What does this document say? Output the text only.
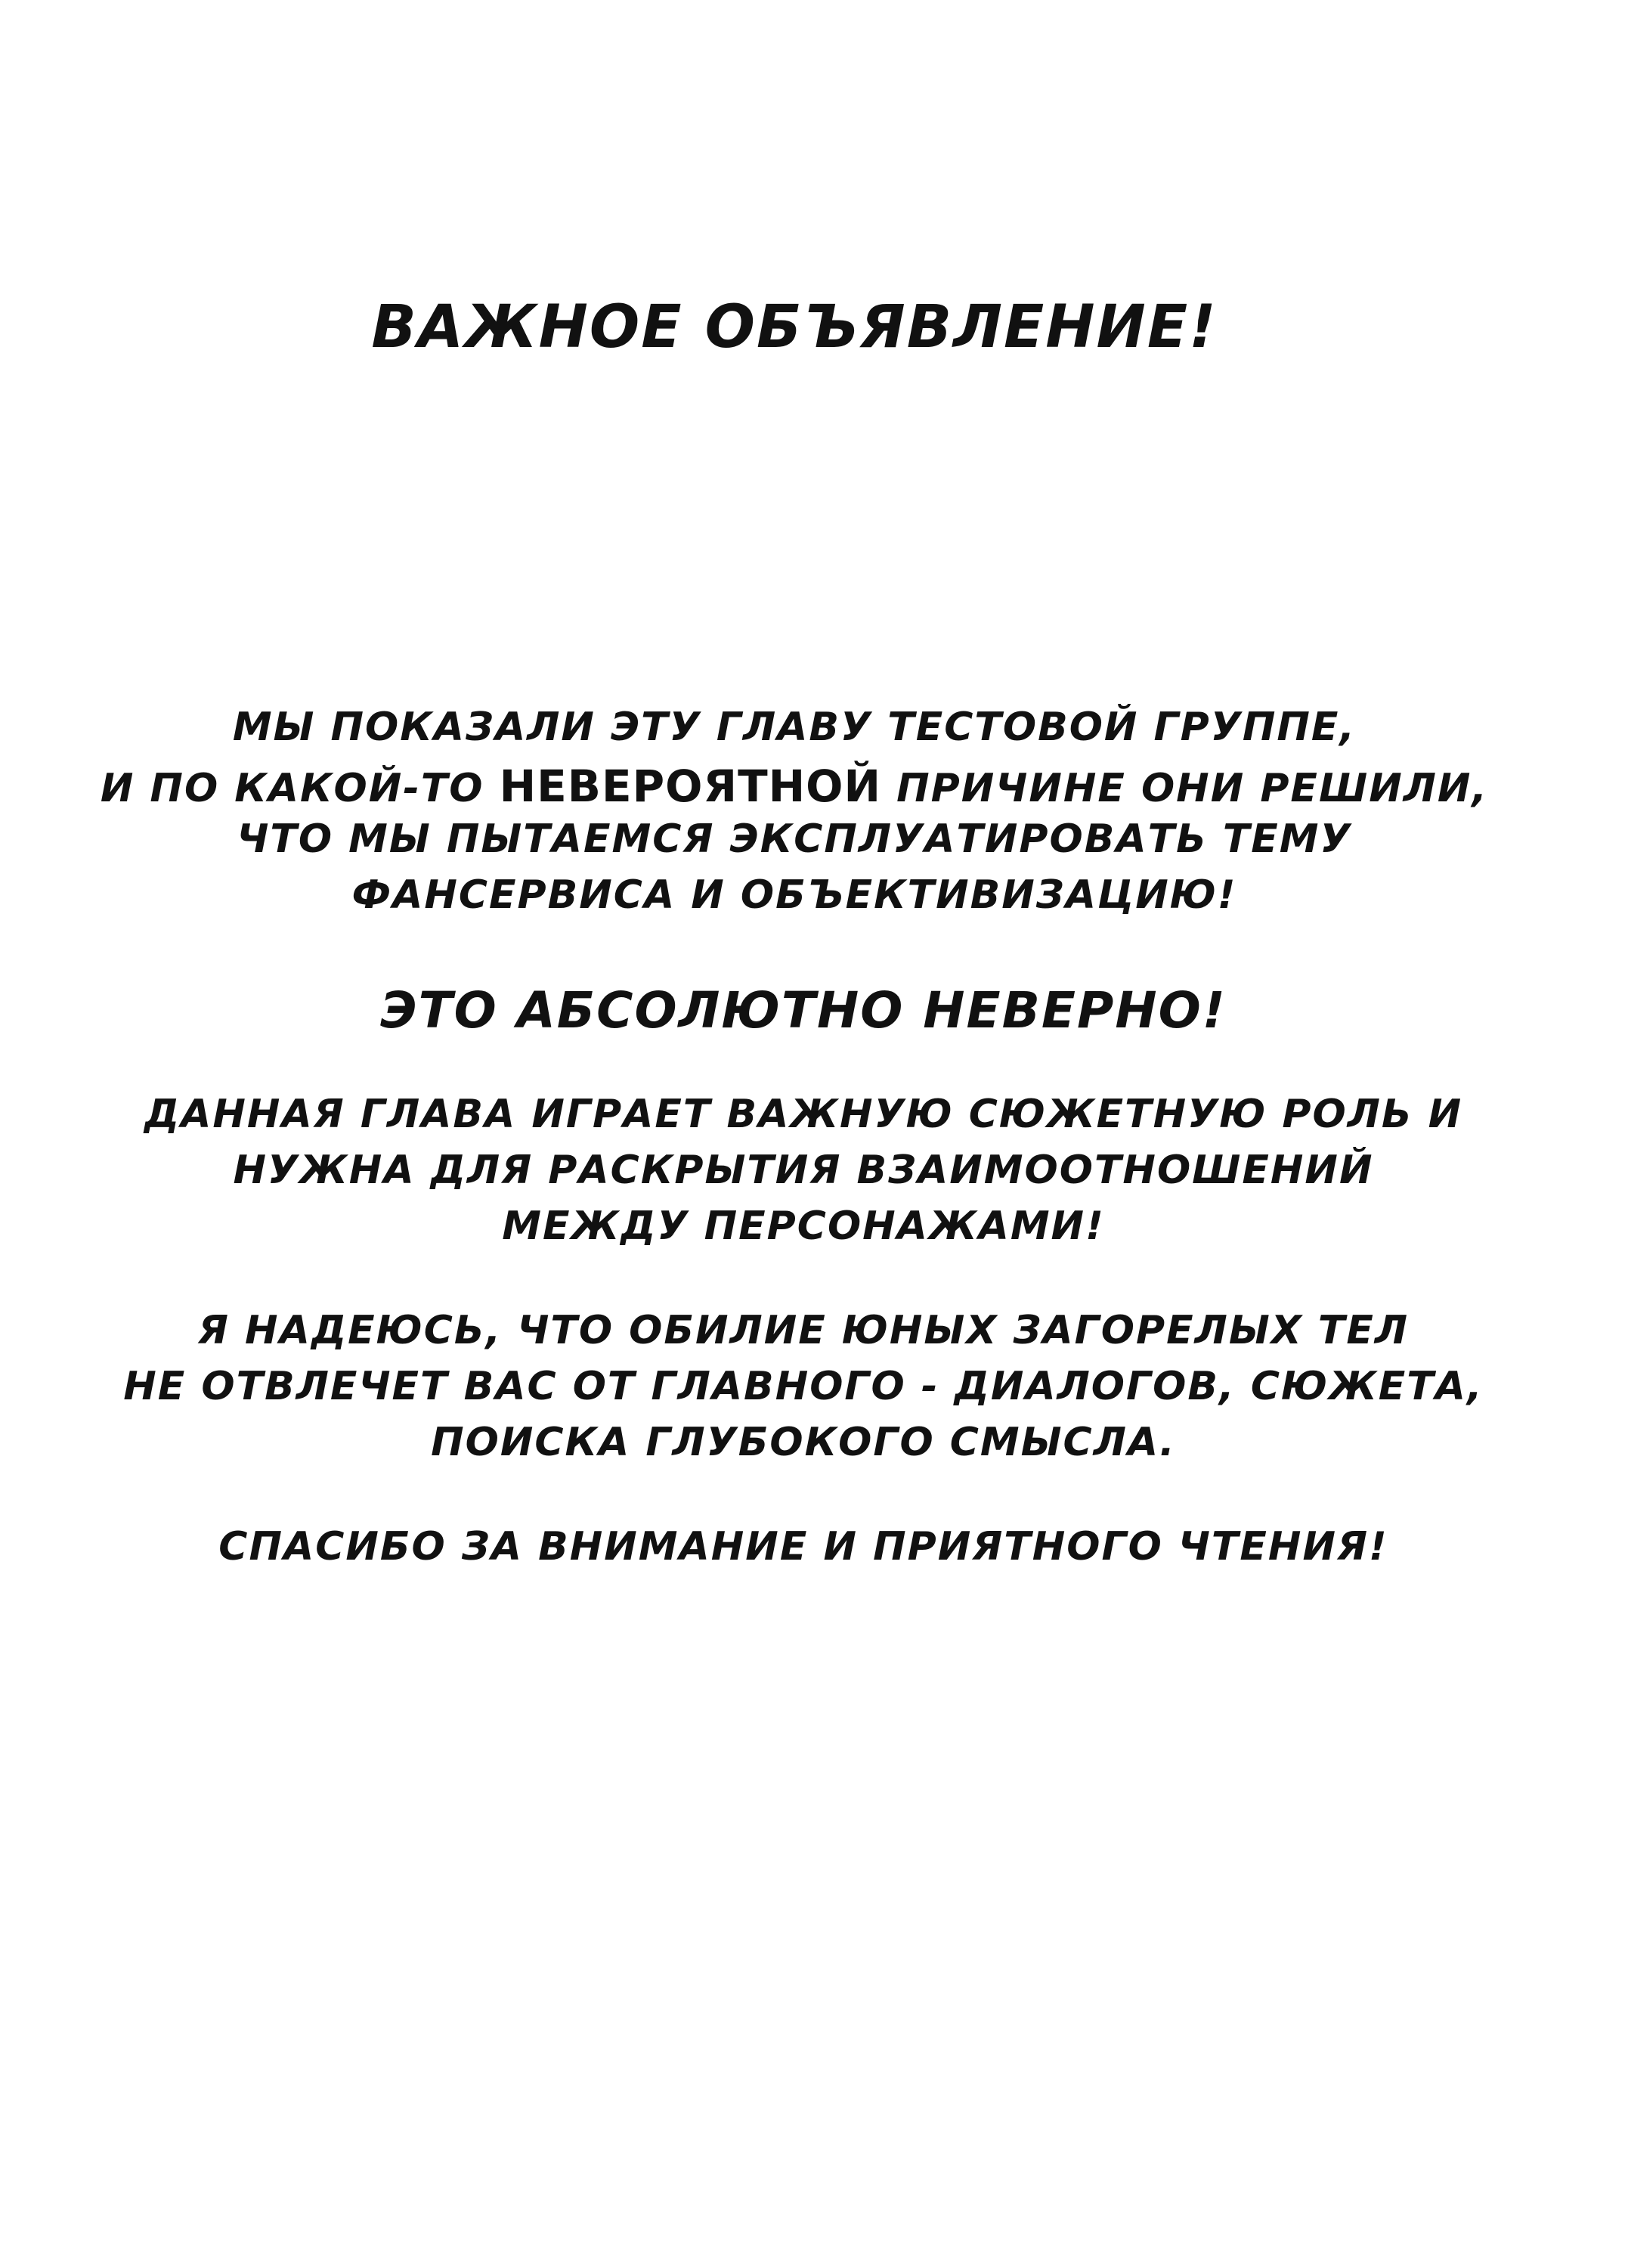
ВАЖНОЕ ОБЪЯВЛЕНИЕ!
МЫ ПОКАЗАЛИ ЭТУ ГЛАВУ ТЕСТОВОЙ ГРУППЕ,
И ПО КАКОЙ-ТО НЕВЕРОЯТНОЙ ПРИЧИНЕ ОНИ РЕШИЛИ,
ЧТО МЫ ПЫТАЕМСЯ ЭКСПЛУАТИРОВАТЬ ТЕМУ
ФАНСЕРВИСА И ОБЪЕКТИВИЗАЦИЮ!
ЭТО АБСОЛЮТНО НЕВЕРНО!
ДАННАЯ ГЛАВА ИГРАЕТ ВАЖНУЮ СЮЖЕТНУЮ РОЛЬ И
НУЖНА ДЛЯ РАСКРЫТИЯ ВЗАИМООТНОШЕНИЙ
МЕЖДУ ПЕРСОНАЖАМИ!
Я НАДЕЮСЬ, ЧТО ОБИЛИЕ ЮНЫХ ЗАГОРЕЛЫХ ТЕЛ
НЕ ОТВЛЕЧЕТ ВАС ОТ ГЛАВНОГО - ДИАЛОГОВ, СЮЖЕТА,
ПОИСКА ГЛУБОКОГО СМЫСЛА.
СПАСИБО ЗА ВНИМАНИЕ И ПРИЯТНОГО ЧТЕНИЯ!
